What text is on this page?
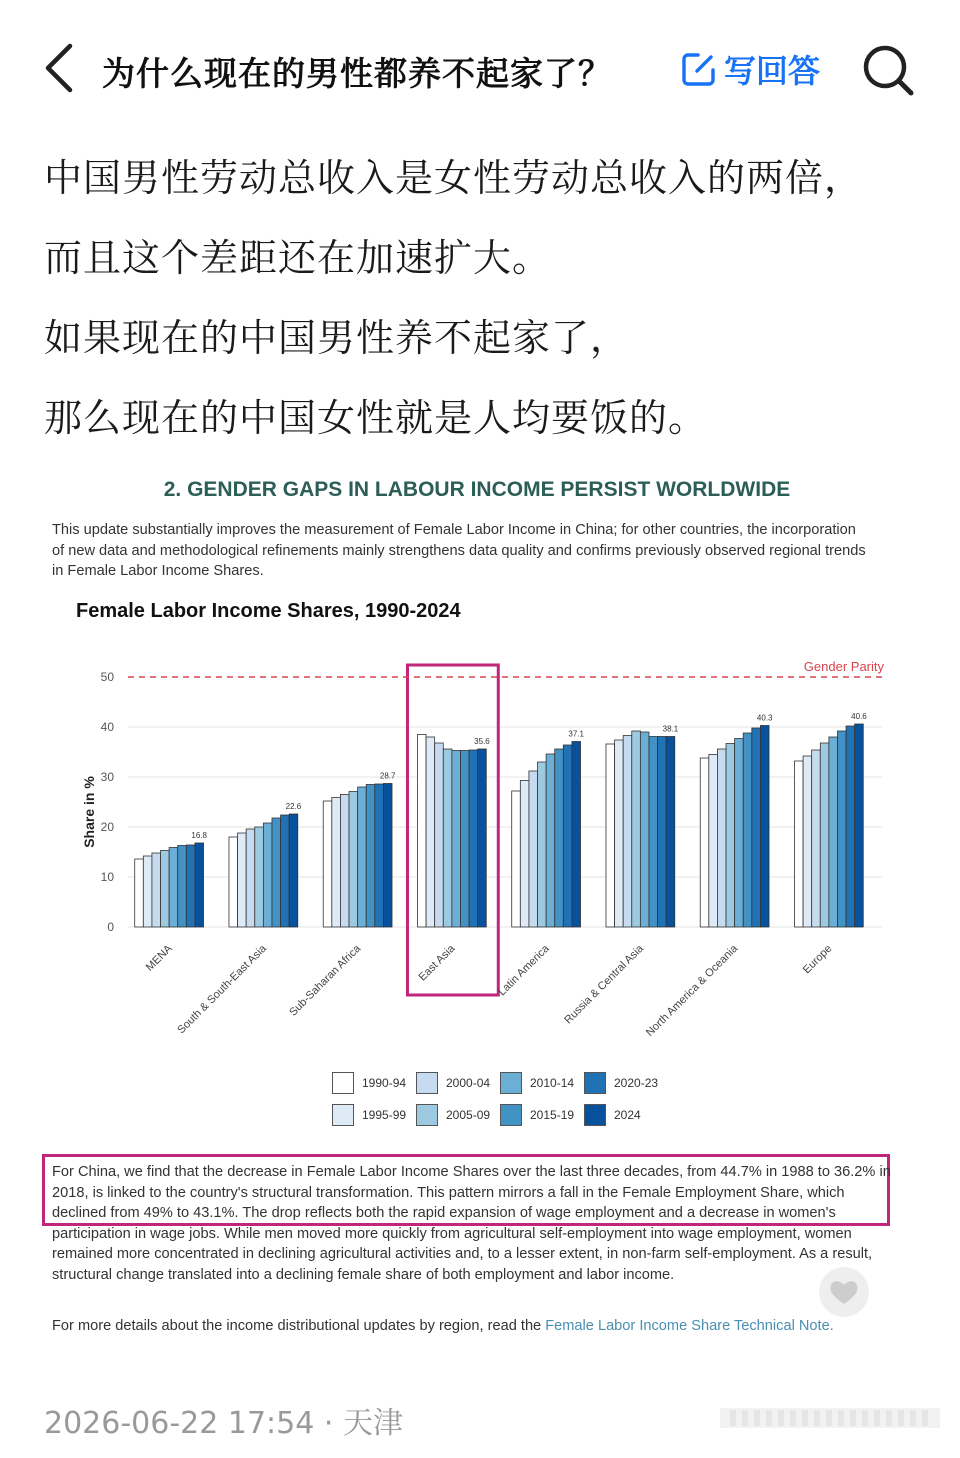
为什么现在的男性都养不起家了？	写回答

中国男性劳动总收入是女性劳动总收入的两倍，

而且这个差距还在加速扩大。

如果现在的中国男性养不起家了，

那么现在的中国女性就是人均要饭的。

2. GENDER GAPS IN LABOUR INCOME PERSIST WORLDWIDE
This update substantially improves the measurement of Female Labor Income in China; for other countries, the incorporation of new data and methodological refinements mainly strengthens data quality and confirms previously observed regional trends in Female Labor Income Shares.
Female Labor Income Shares, 1990-2024
0
10
20
30
40
50
Share in %	16.8
MENA
22.6
South & South-East Asia
28.7
Sub-Saharan Africa
35.6
East Asia
37.1
Latin America
38.1
Russia & Central Asia
40.3
North America & Oceania
40.6
Europe
Gender Parity
1990-94
1995-99
2000-04
2005-09
2010-14
2015-19
2020-23
2024
For China, we find that the decrease in Female Labor Income Shares over the last three decades, from 44.7% in 1988 to 36.2% in 2018, is linked to the country's structural transformation. This pattern mirrors a fall in the Female Employment Share, which declined from 49% to 43.1%. The drop reflects both the rapid expansion of wage employment and a decrease in women's participation in wage jobs. While men moved more quickly from agricultural self-employment into wage employment, women remained more concentrated in declining agricultural activities and, to a lesser extent, in non-farm self-employment. As a result, structural change translated into a declining female share of both employment and labor income.
For more details about the income distributional updates by region, read the Female Labor Income Share Technical Note.
2026-06-22 17:54 · 天津
